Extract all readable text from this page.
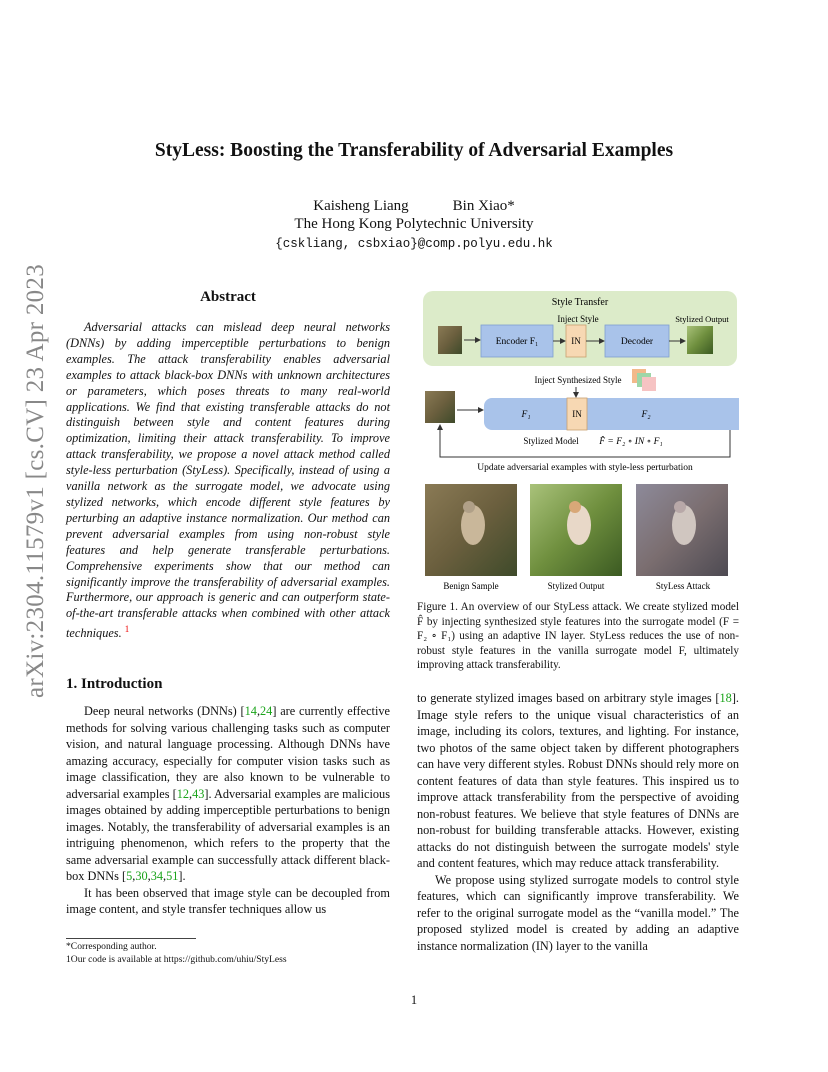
arXiv:2304.11579v1 [cs.CV] 23 Apr 2023
StyLess: Boosting the Transferability of Adversarial Examples
Kaisheng Liang	Bin Xiao*
The Hong Kong Polytechnic University
{cskliang, csbxiao}@comp.polyu.edu.hk
Abstract
Adversarial attacks can mislead deep neural networks (DNNs) by adding imperceptible perturbations to benign examples. The attack transferability enables adversarial examples to attack black-box DNNs with unknown architectures or parameters, which poses threats to many real-world applications. We find that existing transferable attacks do not distinguish between style and content features during optimization, limiting their attack transferability. To improve attack transferability, we propose a novel attack method called style-less perturbation (StyLess). Specifically, instead of using a vanilla network as the surrogate model, we advocate using stylized networks, which encode different style features by perturbing an adaptive instance normalization. Our method can prevent adversarial examples from using non-robust style features and help generate transferable perturbations. Comprehensive experiments show that our method can significantly improve the transferability of adversarial examples. Furthermore, our approach is generic and can outperform state-of-the-art transferable attacks when combined with other attack techniques. $^1$
1. Introduction

Deep neural networks (DNNs) [14,24] are currently effective methods for solving various challenging tasks such as computer vision, and natural language processing. Although DNNs have amazing accuracy, especially for computer vision tasks such as image classification, they are also known to be vulnerable to adversarial examples [12,43]. Adversarial examples are malicious images obtained by adding imperceptible perturbations to benign images. Notably, the transferability of adversarial examples is an intriguing phenomenon, which refers to the property that the same adversarial example can successfully attack different black-box DNNs [5,30,34,51].

It has been observed that image style can be decoupled from image content, and style transfer techniques allow us

*Corresponding author.
1Our code is available at https://github.com/uhiu/StyLess
1
Style Transfer
Inject Style	Stylized Output
Encoder F₁	IN	Decoder
Inject Synthesized Style
F₁	IN	F₂
Stylized Model F̂ = F₂ ∘ IN ∘ F₁
Update adversarial examples with style-less perturbation
Benign Sample	Stylized Output	StyLess Attack
Figure 1. An overview of our StyLess attack. We create stylized model F̂ by injecting synthesized style features into the surrogate model (F = F₂ ∘ F₁) using an adaptive IN layer. StyLess reduces the use of non-robust style features in the vanilla surrogate model F, ultimately improving attack transferability.

to generate stylized images based on arbitrary style images [18]. Image style refers to the unique visual characteristics of an image, including its colors, textures, and lighting. For instance, two photos of the same object taken by different photographers can have very different styles. Robust DNNs should rely more on content features of data than style features. This inspired us to improve attack transferability from the perspective of avoiding non-robust features. We believe that style features of DNNs are non-robust for building transferable attacks. However, existing attacks do not distinguish between the surrogate models' style and content features, which may reduce attack transferability.

We propose using stylized surrogate models to control style features, which can significantly improve transferability. We refer to the original surrogate model as the “vanilla model.” The proposed stylized model is created by adding an adaptive instance normalization (IN) layer to the vanilla
